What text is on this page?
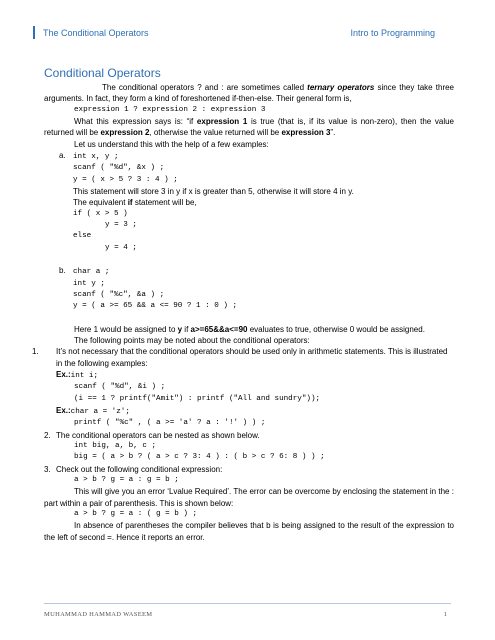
The Conditional Operators	Intro to Programming
Conditional Operators

The conditional operators ? and : are sometimes called ternary operators since they take three arguments. In fact, they form a kind of foreshortened if-then-else. Their general form is,

expression 1 ? expression 2 : expression 3

What this expression says is: “if expression 1 is true (that is, if its value is non-zero), then the value returned will be expression 2, otherwise the value returned will be expression 3”.

Let us understand this with the help of a few examples:

a. int x, y ;
scanf ( "%d", &x ) ;
y = ( x > 5 ? 3 : 4 ) ;

This statement will store 3 in y if x is greater than 5, otherwise it will store 4 in y.

The equivalent if statement will be,

if ( x > 5 )
y = 3 ;
else
y = 4 ;
b. char a ;
int y ;
scanf ( "%c", &a ) ;
y = ( a >= 65 && a <= 90 ? 1 : 0 ) ;

Here 1 would be assigned to y if a>=65&&a<=90 evaluates to true, otherwise 0 would be assigned.

The following points may be noted about the conditional operators:

1. It’s not necessary that the conditional operators should be used only in arithmetic statements. This is illustrated in the following examples:

Ex.:int i;
scanf ( "%d", &i ) ;
(i == 1 ? printf("Amit") : printf ("All and sundry"));
Ex.:char a = 'z';
printf ( "%c" , ( a >= 'a' ? a : '!' ) ) ;

2. The conditional operators can be nested as shown below.

int big, a, b, c ;
big = ( a > b ? ( a > c ? 3: 4 ) : ( b > c ? 6: 8 ) ) ;

3. Check out the following conditional expression:

a > b ? g = a : g = b ;

This will give you an error ‘Lvalue Required’. The error can be overcome by enclosing the statement in the : part within a pair of parenthesis. This is shown below:

a > b ? g = a : ( g = b ) ;

In absence of parentheses the compiler believes that b is being assigned to the result of the expression to the left of second =. Hence it reports an error.

MUHAMMAD HAMMAD WASEEM	1
